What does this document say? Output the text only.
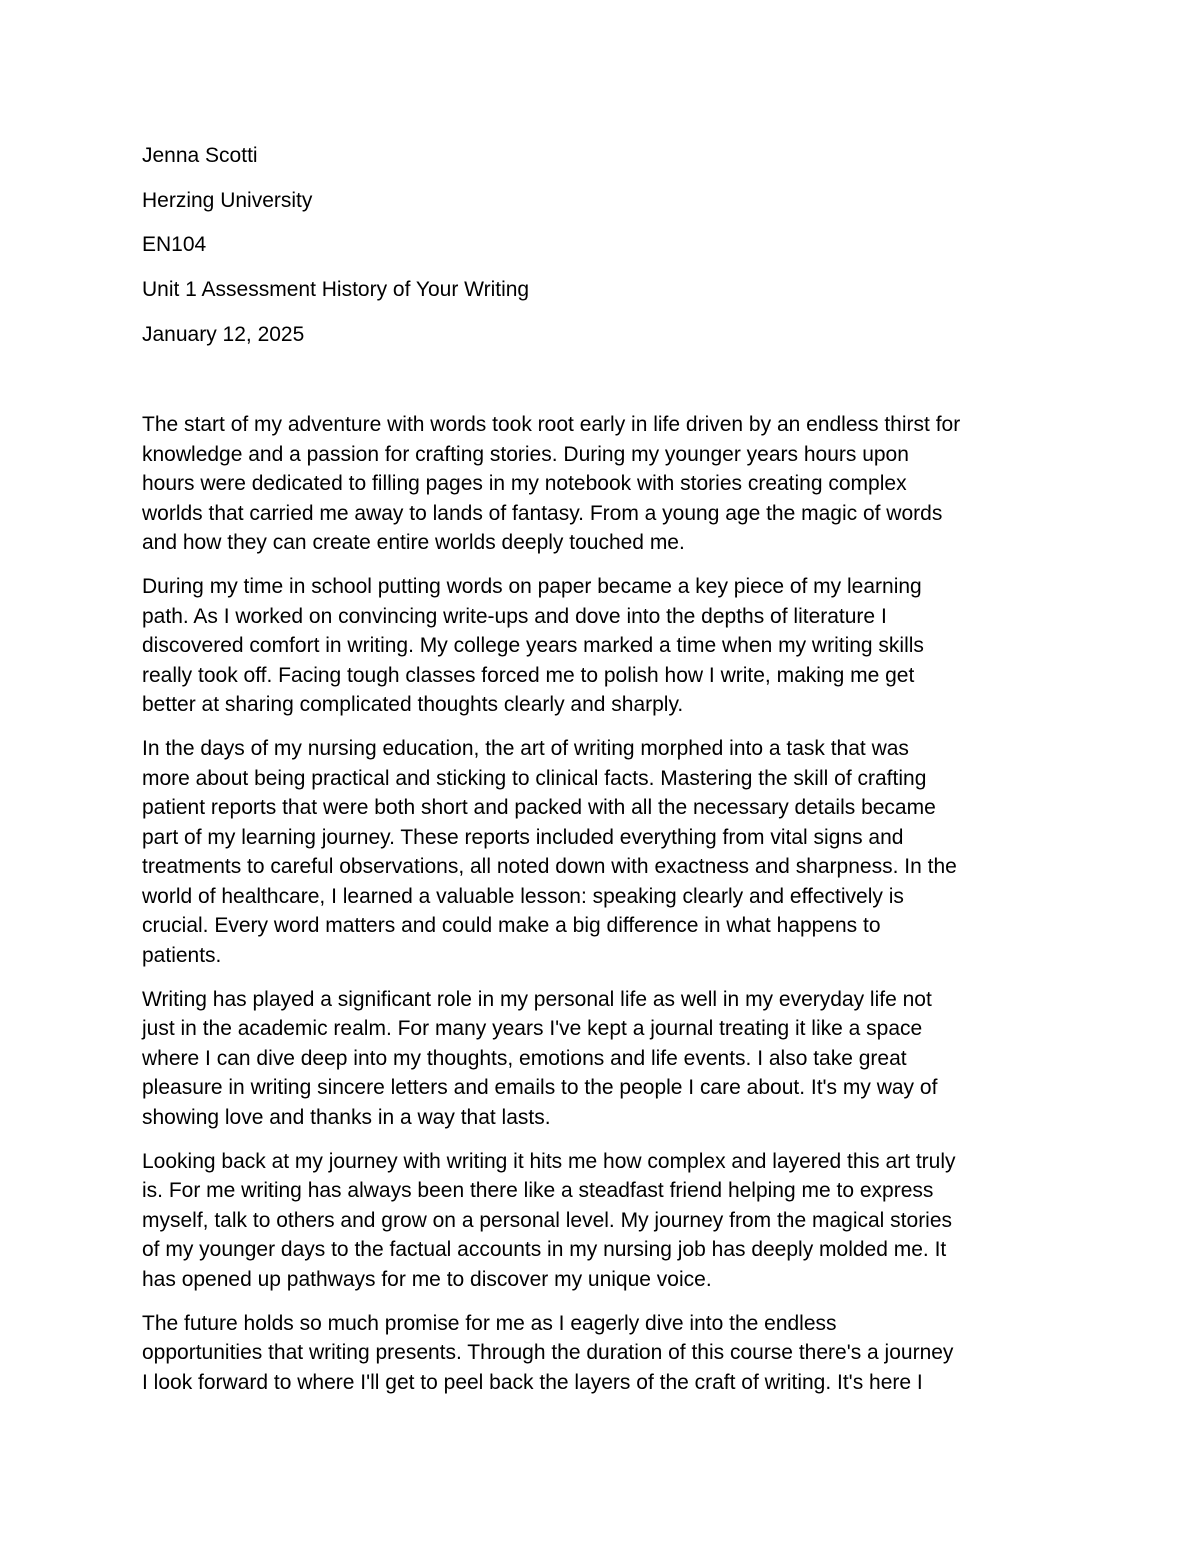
Jenna Scotti
Herzing University
EN104
Unit 1 Assessment History of Your Writing
January 12, 2025
The start of my adventure with words took root early in life driven by an endless thirst for
knowledge and a passion for crafting stories. During my younger years hours upon
hours were dedicated to filling pages in my notebook with stories creating complex
worlds that carried me away to lands of fantasy. From a young age the magic of words
and how they can create entire worlds deeply touched me.
During my time in school putting words on paper became a key piece of my learning
path. As I worked on convincing write-ups and dove into the depths of literature I
discovered comfort in writing. My college years marked a time when my writing skills
really took off. Facing tough classes forced me to polish how I write, making me get
better at sharing complicated thoughts clearly and sharply.
In the days of my nursing education, the art of writing morphed into a task that was
more about being practical and sticking to clinical facts. Mastering the skill of crafting
patient reports that were both short and packed with all the necessary details became
part of my learning journey. These reports included everything from vital signs and
treatments to careful observations, all noted down with exactness and sharpness. In the
world of healthcare, I learned a valuable lesson: speaking clearly and effectively is
crucial. Every word matters and could make a big difference in what happens to
patients.
Writing has played a significant role in my personal life as well in my everyday life not
just in the academic realm. For many years I've kept a journal treating it like a space
where I can dive deep into my thoughts, emotions and life events. I also take great
pleasure in writing sincere letters and emails to the people I care about. It's my way of
showing love and thanks in a way that lasts.
Looking back at my journey with writing it hits me how complex and layered this art truly
is. For me writing has always been there like a steadfast friend helping me to express
myself, talk to others and grow on a personal level. My journey from the magical stories
of my younger days to the factual accounts in my nursing job has deeply molded me. It
has opened up pathways for me to discover my unique voice.
The future holds so much promise for me as I eagerly dive into the endless
opportunities that writing presents. Through the duration of this course there's a journey
I look forward to where I'll get to peel back the layers of the craft of writing. It's here I
